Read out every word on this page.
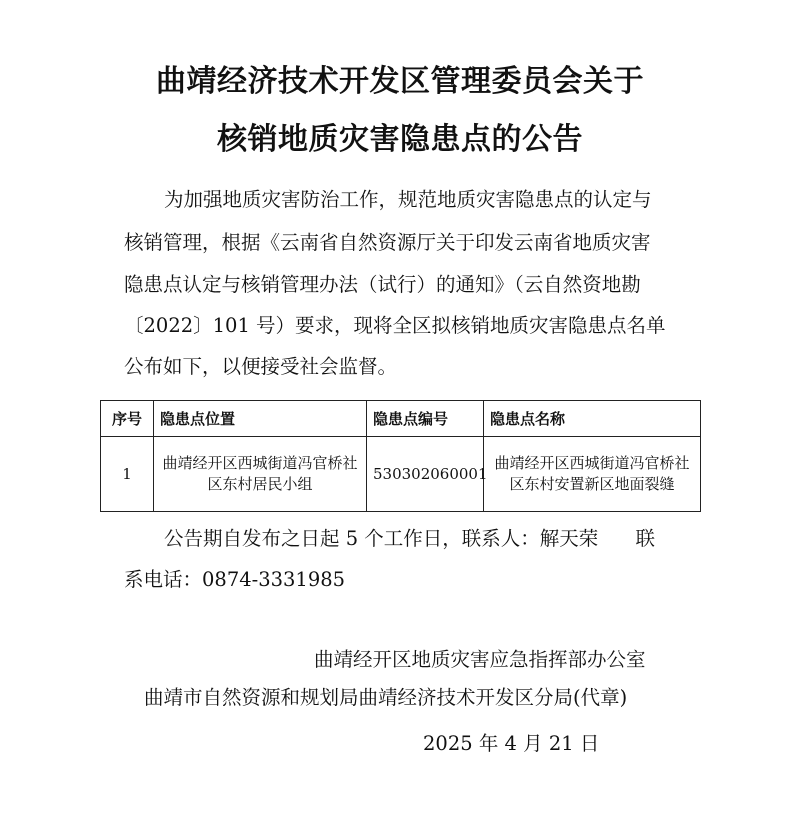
曲靖经济技术开发区管理委员会关于
核销地质灾害隐患点的公告
为加强地质灾害防治工作，规范地质灾害隐患点的认定与
核销管理，根据《云南省自然资源厅关于印发云南省地质灾害
隐患点认定与核销管理办法（试行）的通知》（云自然资地勘
〔2022〕101 号）要求，现将全区拟核销地质灾害隐患点名单
公布如下，以便接受社会监督。
序号	隐患点位置	隐患点编号	隐患点名称
1	曲靖经开区西城街道冯官桥社区东村居民小组	530302060001	曲靖经开区西城街道冯官桥社区东村安置新区地面裂缝
公告期自发布之日起 5 个工作日，联系人：解天荣      联
系电话：0874-3331985
曲靖经开区地质灾害应急指挥部办公室
曲靖市自然资源和规划局曲靖经济技术开发区分局(代章)
2025 年 4 月 21 日
